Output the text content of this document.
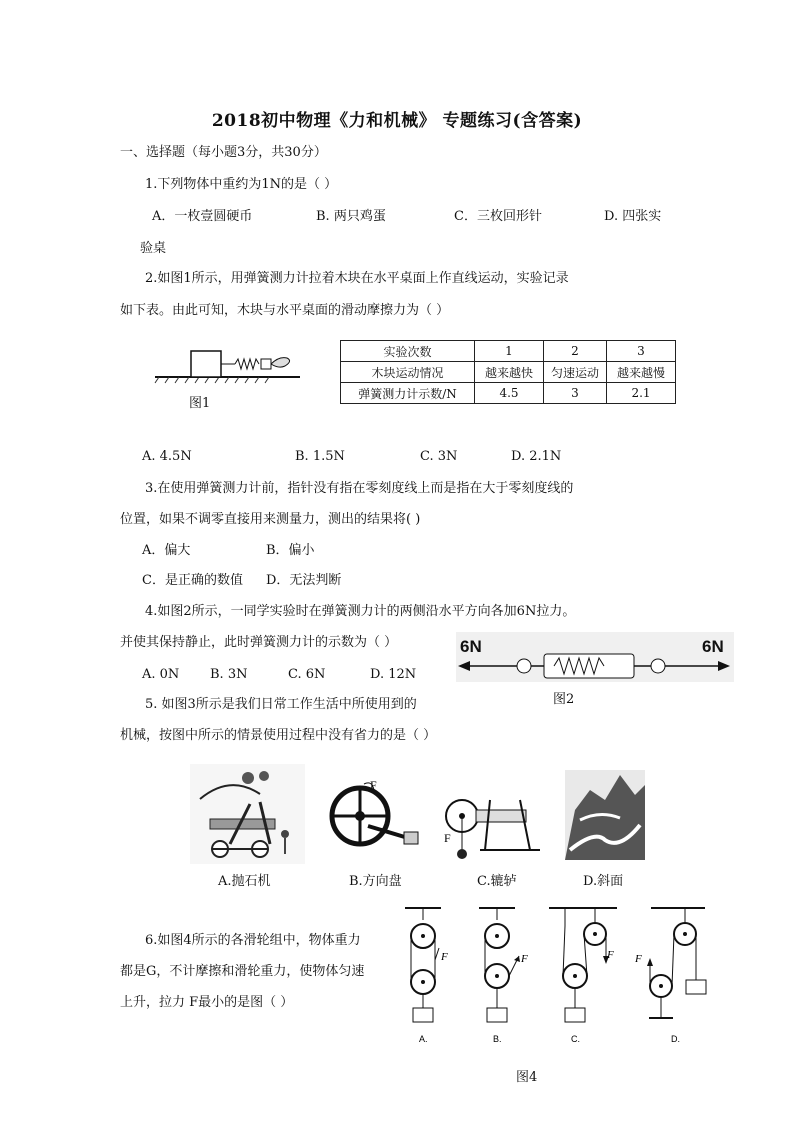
2018初中物理《力和机械》 专题练习(含答案)
一、选择题（每小题3分，共30分）
1.下列物体中重约为1N的是（ ）
A．一枚壹圆硬币	B. 两只鸡蛋	C．三枚回形针	D. 四张实
验桌
2.如图1所示，用弹簧测力计拉着木块在水平桌面上作直线运动，实验记录
如下表。由此可知，木块与水平桌面的滑动摩擦力为（ ）
图1
实验次数	1	2	3
木块运动情况	越来越快	匀速运动	越来越慢
弹簧测力计示数/N	4.5	3	2.1
A. 4.5N	B. 1.5N	C. 3N	D. 2.1N
3.在使用弹簧测力计前，指针没有指在零刻度线上而是指在大于零刻度线的
位置，如果不调零直接用来测量力，测出的结果将( )
A．偏大	B．偏小
C．是正确的数值 D．无法判断
4.如图2所示，一同学实验时在弹簧测力计的两侧沿水平方向各加6N拉力。
并使其保持静止，此时弹簧测力计的示数为（ ）
A. 0N B. 3N	C. 6N	D. 12N
6N	6N
图2
5. 如图3所示是我们日常工作生活中所使用到的
机械，按图中所示的情景使用过程中没有省力的是（ ）
F
F
A.抛石机	B.方向盘	C.辘轳	D.斜面
6.如图4所示的各滑轮组中，物体重力
都是G，不计摩擦和滑轮重力，使物体匀速
上升，拉力 F最小的是图（ ）
F
A.
F
B.
F
C.
F
D.
图4
